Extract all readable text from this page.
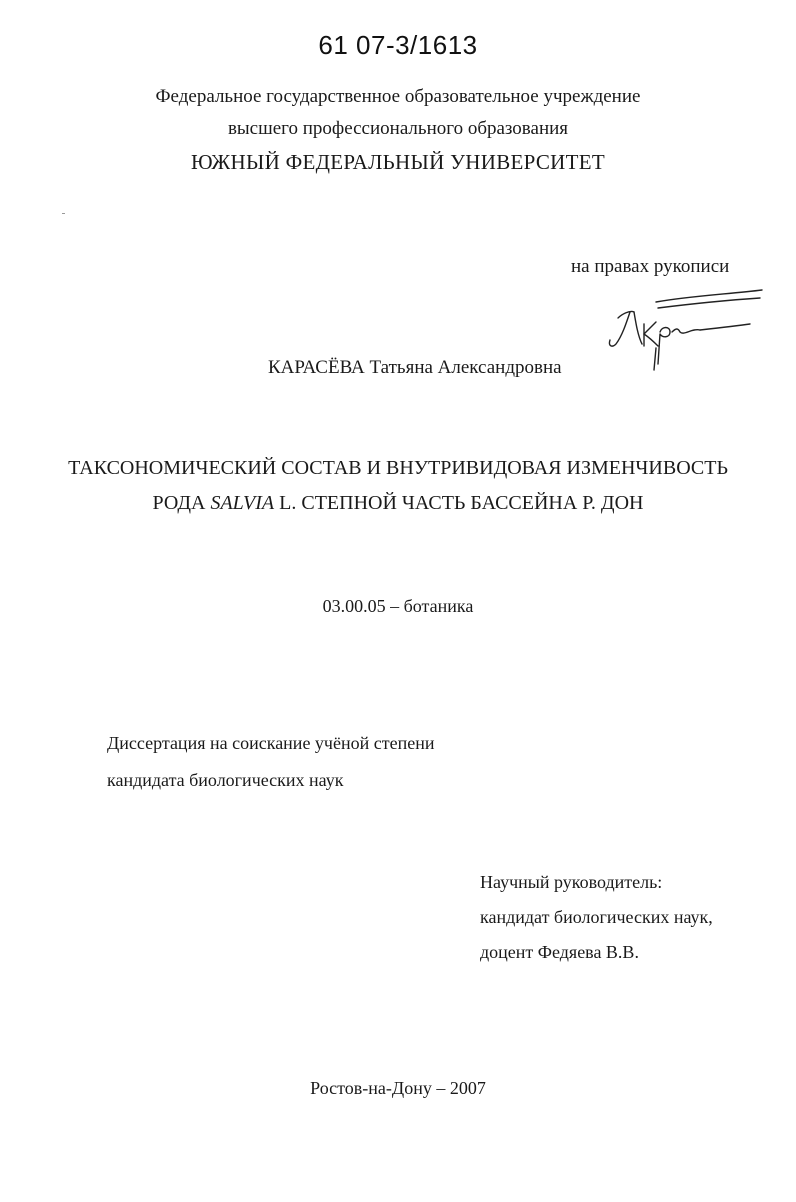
61 07-3/1613
Федеральное государственное образовательное учреждение
высшего профессионального образования
ЮЖНЫЙ ФЕДЕРАЛЬНЫЙ УНИВЕРСИТЕТ
на правах рукописи
КАРАСЁВА Татьяна Александровна
ТАКСОНОМИЧЕСКИЙ СОСТАВ И ВНУТРИВИДОВАЯ ИЗМЕНЧИВОСТЬ
РОДА SALVIA L. СТЕПНОЙ ЧАСТЬ БАССЕЙНА Р. ДОН
03.00.05 – ботаника
Диссертация на соискание учёной степени
кандидата биологических наук
Научный руководитель:
кандидат биологических наук,
доцент Федяева В.В.
Ростов-на-Дону – 2007
